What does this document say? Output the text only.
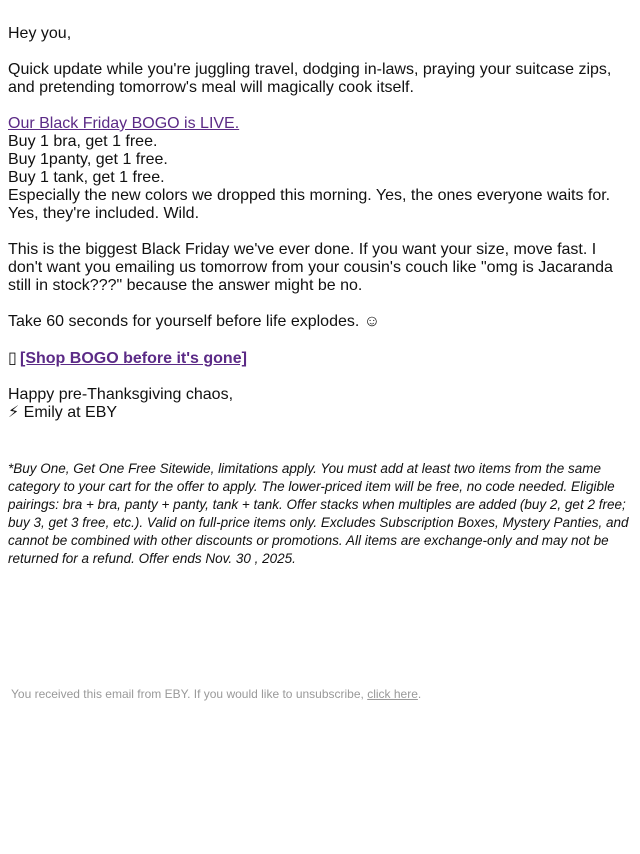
Hey you,

Quick update while you're juggling travel, dodging in-laws, praying your suitcase zips, and pretending tomorrow's meal will magically cook itself.

Our Black Friday BOGO is LIVE.
Buy 1 bra, get 1 free.
Buy 1panty, get 1 free.
Buy 1 tank, get 1 free.
Especially the new colors we dropped this morning. Yes, the ones everyone waits for. Yes, they're included. Wild.

This is the biggest Black Friday we've ever done. If you want your size, move fast. I don't want you emailing us tomorrow from your cousin's couch like "omg is Jacaranda still in stock???" because the answer might be no.

Take 60 seconds for yourself before life explodes. ☺

▯ [Shop BOGO before it's gone]

Happy pre-Thanksgiving chaos,
⚡ Emily at EBY

*Buy One, Get One Free Sitewide, limitations apply. You must add at least two items from the same category to your cart for the offer to apply. The lower-priced item will be free, no code needed. Eligible pairings: bra + bra, panty + panty, tank + tank. Offer stacks when multiples are added (buy 2, get 2 free; buy 3, get 3 free, etc.). Valid on full-price items only. Excludes Subscription Boxes, Mystery Panties, and cannot be combined with other discounts or promotions. All items are exchange-only and may not be returned for a refund. Offer ends Nov. 30 , 2025.
You received this email from EBY. If you would like to unsubscribe, click here.
